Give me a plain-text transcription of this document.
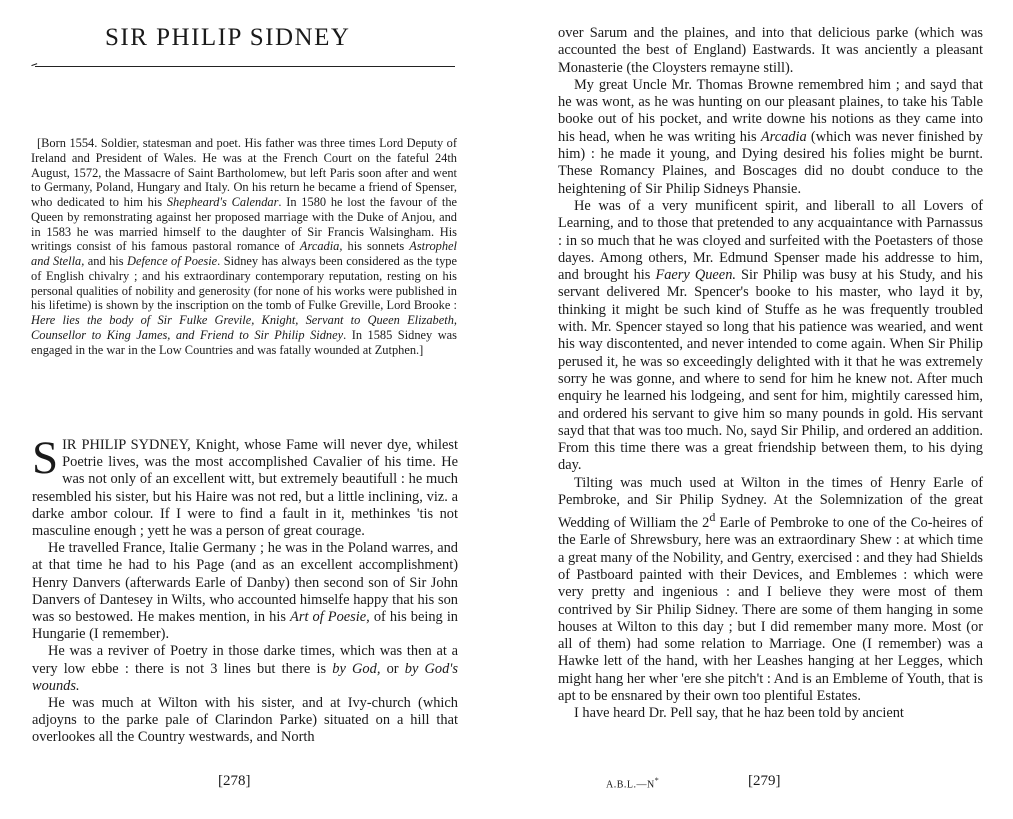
SIR PHILIP SIDNEY

[Born 1554. Soldier, statesman and poet. His father was three times Lord Deputy of Ireland and President of Wales. He was at the French Court on the fateful 24th August, 1572, the Massacre of Saint Bartholomew, but left Paris soon after and went to Germany, Poland, Hungary and Italy. On his return he became a friend of Spenser, who dedicated to him his Shepheard's Calendar. In 1580 he lost the favour of the Queen by remonstrating against her proposed marriage with the Duke of Anjou, and in 1583 he was married himself to the daughter of Sir Francis Walsingham. His writings consist of his famous pastoral romance of Arcadia, his sonnets Astrophel and Stella, and his Defence of Poesie. Sidney has always been considered as the type of English chivalry ; and his extraordinary contemporary reputation, resting on his personal qualities of nobility and generosity (for none of his works were published in his lifetime) is shown by the inscription on the tomb of Fulke Greville, Lord Brooke : Here lies the body of Sir Fulke Grevile, Knight, Servant to Queen Elizabeth, Counsellor to King James, and Friend to Sir Philip Sidney. In 1585 Sidney was engaged in the war in the Low Countries and was fatally wounded at Zutphen.]

SIR PHILIP SYDNEY, Knight, whose Fame will never dye, whilest Poetrie lives, was the most accomplished Cavalier of his time. He was not only of an excellent witt, but extremely beautifull : he much resembled his sister, but his Haire was not red, but a little inclining, viz. a darke ambor colour. If I were to find a fault in it, methinkes 'tis not masculine enough ; yett he was a person of great courage.

He travelled France, Italie Germany ; he was in the Poland warres, and at that time he had to his Page (and as an excellent accomplishment) Henry Danvers (afterwards Earle of Danby) then second son of Sir John Danvers of Dantesey in Wilts, who accounted himselfe happy that his son was so bestowed. He makes mention, in his Art of Poesie, of his being in Hungarie (I remember).

He was a reviver of Poetry in those darke times, which was then at a very low ebbe : there is not 3 lines but there is by God, or by God's wounds.

He was much at Wilton with his sister, and at Ivy-church (which adjoyns to the parke pale of Clarindon Parke) situated on a hill that overlookes all the Country westwards, and North

[278]

over Sarum and the plaines, and into that delicious parke (which was accounted the best of England) Eastwards. It was anciently a pleasant Monasterie (the Cloysters remayne still).

My great Uncle Mr. Thomas Browne remembred him ; and sayd that he was wont, as he was hunting on our pleasant plaines, to take his Table booke out of his pocket, and write downe his notions as they came into his head, when he was writing his Arcadia (which was never finished by him) : he made it young, and Dying desired his folies might be burnt. These Romancy Plaines, and Boscages did no doubt conduce to the heightening of Sir Philip Sidneys Phansie.

He was of a very munificent spirit, and liberall to all Lovers of Learning, and to those that pretended to any acquaintance with Parnassus : in so much that he was cloyed and surfeited with the Poetasters of those dayes. Among others, Mr. Edmund Spenser made his addresse to him, and brought his Faery Queen. Sir Philip was busy at his Study, and his servant delivered Mr. Spencer's booke to his master, who layd it by, thinking it might be such kind of Stuffe as he was frequently troubled with. Mr. Spencer stayed so long that his patience was wearied, and went his way discontented, and never intended to come again. When Sir Philip perused it, he was so exceedingly delighted with it that he was extremely sorry he was gonne, and where to send for him he knew not. After much enquiry he learned his lodgeing, and sent for him, mightily caressed him, and ordered his servant to give him so many pounds in gold. His servant sayd that that was too much. No, sayd Sir Philip, and ordered an addition. From this time there was a great friendship between them, to his dying day.

Tilting was much used at Wilton in the times of Henry Earle of Pembroke, and Sir Philip Sydney. At the Solemnization of the great Wedding of William the 2$^d$ Earle of Pembroke to one of the Co-heires of the Earle of Shrewsbury, here was an extraordinary Shew : at which time a great many of the Nobility, and Gentry, exercised : and they had Shields of Pastboard painted with their Devices, and Emblemes : which were very pretty and ingenious : and I believe they were most of them contrived by Sir Philip Sidney. There are some of them hanging in some houses at Wilton to this day ; but I did remember many more. Most (or all of them) had some relation to Marriage. One (I remember) was a Hawke lett of the hand, with her Leashes hanging at her Legges, which might hang her wher 'ere she pitch't : And is an Embleme of Youth, that is apt to be ensnared by their own too plentiful Estates.

I have heard Dr. Pell say, that he haz been told by ancient

A.B.L.—N*	[279]
